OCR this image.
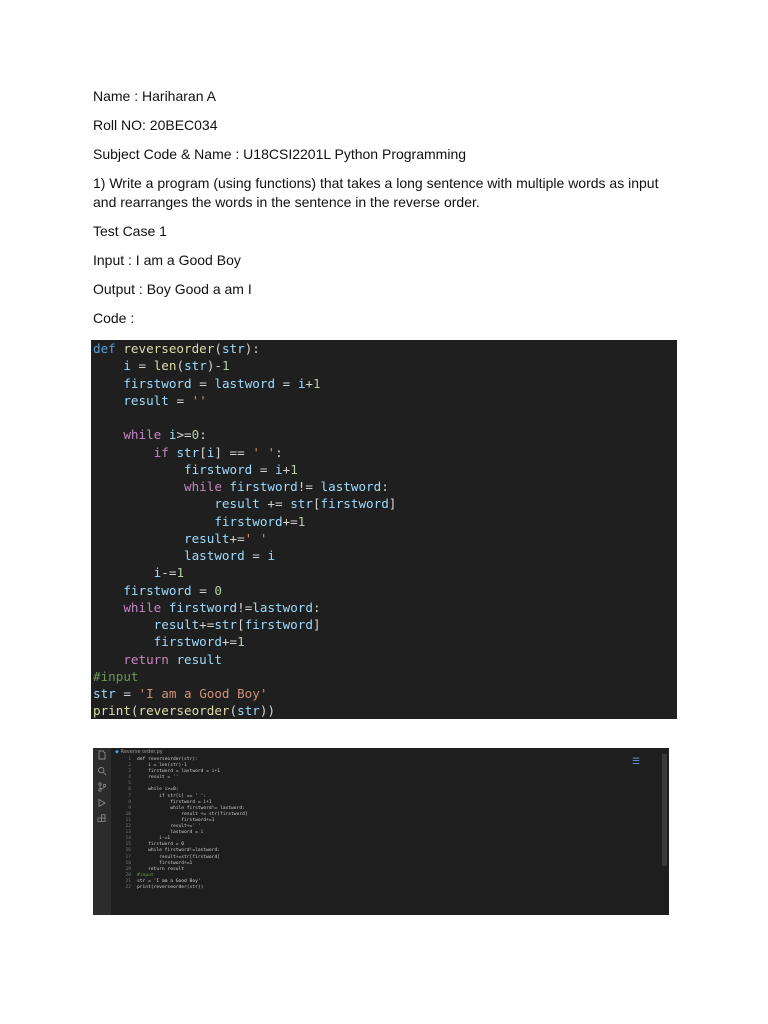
Name : Hariharan A

Roll NO: 20BEC034

Subject Code & Name : U18CSI2201L Python Programming

1) Write a program (using functions) that takes a long sentence with multiple words as input

and rearranges the words in the sentence in the reverse order.

Test Case 1

Input : I am a Good Boy

Output : Boy Good a am I

Code :

def reverseorder(str):
i = len(str)-1
firstword = lastword = i+1
result = ''

while i>=0:
if str[i] == ' ':
firstword = i+1
while firstword!= lastword:
result += str[firstword]
firstword+=1
result+=' '
lastword = i
i-=1
firstword = 0
while firstword!=lastword:
result+=str[firstword]
firstword+=1
return result
#input
str = 'I am a Good Boy'
print(reverseorder(str))
◆ Reverse order.py
1 def reverseorder(str):
2    i = len(str)-1
3    firstword = lastword = i+1
4    result = ''
5
6    while i>=0:
7        if str[i] == ' ':
8            firstword = i+1
9            while firstword!= lastword:
10                result += str[firstword]
11                firstword+=1
12            result+=' '
13            lastword = i
14        i-=1
15    firstword = 0
16    while firstword!=lastword:
17        result+=str[firstword]
18        firstword+=1
19    return result
20 #input
21 str = 'I am a Good Boy'
22 print(reverseorder(str))
☰
